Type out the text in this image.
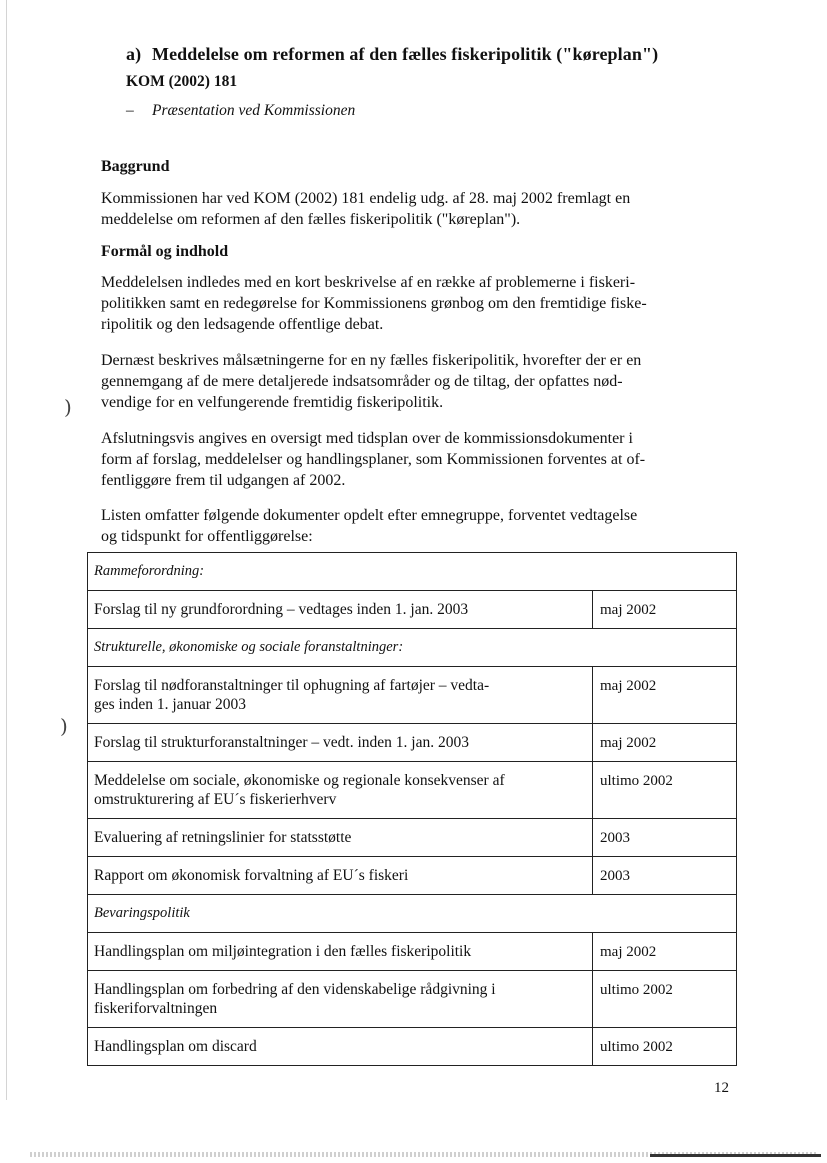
)
)
a) Meddelelse om reformen af den fælles fiskeripolitik ("køreplan")
KOM (2002) 181
– Præsentation ved Kommissionen
Baggrund
Kommissionen har ved KOM (2002) 181 endelig udg. af 28. maj 2002 fremlagt en
meddelelse om reformen af den fælles fiskeripolitik ("køreplan").
Formål og indhold
Meddelelsen indledes med en kort beskrivelse af en række af problemerne i fiskeri-
politikken samt en redegørelse for Kommissionens grønbog om den fremtidige fiske-
ripolitik og den ledsagende offentlige debat.
Dernæst beskrives målsætningerne for en ny fælles fiskeripolitik, hvorefter der er en
gennemgang af de mere detaljerede indsatsområder og de tiltag, der opfattes nød-
vendige for en velfungerende fremtidig fiskeripolitik.
Afslutningsvis angives en oversigt med tidsplan over de kommissionsdokumenter i
form af forslag, meddelelser og handlingsplaner, som Kommissionen forventes at of-
fentliggøre frem til udgangen af 2002.
Listen omfatter følgende dokumenter opdelt efter emnegruppe, forventet vedtagelse
og tidspunkt for offentliggørelse:
Rammeforordning:	

Forslag til ny grundforordning – vedtages inden 1. jan. 2003	maj 2002
Strukturelle, økonomiske og sociale foranstaltninger:	

Forslag til nødforanstaltninger til ophugning af fartøjer – vedta-
ges inden 1. januar 2003	maj 2002

Forslag til strukturforanstaltninger – vedt. inden 1. jan. 2003	maj 2002

Meddelelse om sociale, økonomiske og regionale konsekvenser af
omstrukturering af EU´s fiskerierhverv	ultimo 2002

Evaluering af retningslinier for statsstøtte	2003

Rapport om økonomisk forvaltning af EU´s fiskeri	2003
Bevaringspolitik	

Handlingsplan om miljøintegration i den fælles fiskeripolitik	maj 2002

Handlingsplan om forbedring af den videnskabelige rådgivning i
fiskeriforvaltningen	ultimo 2002

Handlingsplan om discard	ultimo 2002
12
